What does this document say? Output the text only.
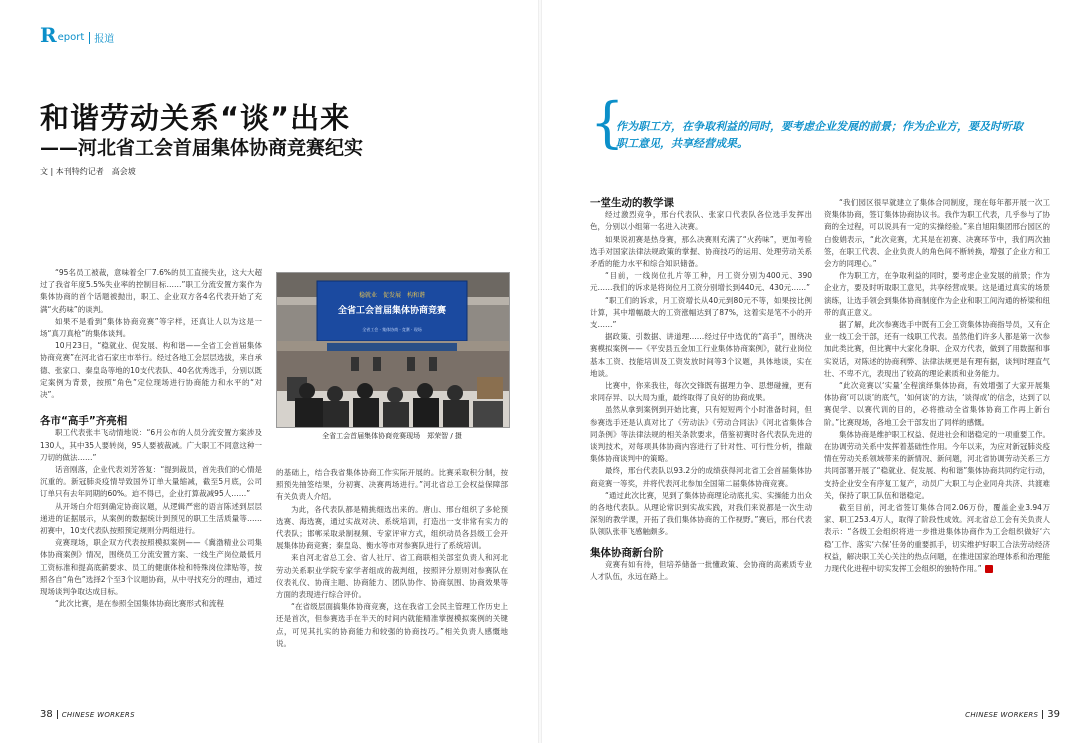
R eport 报道
和谐劳动关系“谈”出来
——河北省工会首届集体协商竞赛纪实
文 | 本刊特约记者　高会坡

“95名员工被裁，意味着全厂7.6%的员工直接失业，这大大超过了我省年度5.5%失业率的控制目标……”职工分流安置方案作为集体协商的首个话题被抛出，职工、企业双方各4名代表开始了充满“火药味”的谈判。

如果不是看到“集体协商竞赛”等字样，还真让人以为这是一场“真刀真枪”的集体谈判。

10月23日，“稳就业、促发展、构和谐——全省工会首届集体协商竞赛”在河北省石家庄市举行。经过各地工会层层选拔，来自承德、张家口、秦皇岛等地的10支代表队、40名优秀选手，分别以既定案例为背景，按照“角色”定位现场进行协商能力和水平的“对决”。

各市“高手”齐亮相

职工代表张丰飞动情地说：“6月公布的人员分流安置方案涉及130人，其中35人要转岗，95人要被裁减。广大职工不同意这种一刀切的做法……”

话音刚落，企业代表刘芳答复：“提到裁员，首先我们的心情是沉重的。新冠肺炎疫情导致国外订单大量缩减，截至5月底，公司订单只有去年同期的60%。迫不得已，企业打算裁减95人……”

从开场白介绍到确定协商议题，从逻辑严密的语言陈述到层层递进的证据展示，从案例的数据统计到预见的职工生活质量等……初赛中，10支代表队按照预定规则分两组进行。

竞赛现场，职企双方代表按照模拟案例——《冀渤精业公司集体协商案例》情况，围绕员工分流安置方案、一线生产岗位最低月工资标准和提高底薪要求、员工的健康体检和特殊岗位津贴等，按照各自“角色”选择2个至3个议题协商，从中寻找充分的理由，通过现场谈判争取达成目标。

“此次比赛，是在参照全国集体协商比赛形式和流程

稳就业　促发展　构和谐
全省工会首届集体协商竞赛
全省工会 · 集体协商 · 竞赛 · 现场
全省工会首届集体协商竞赛现场　郑荣智 / 摄

的基础上，结合我省集体协商工作实际开展的。比赛采取积分制，按照预先抽签结果，分初赛、决赛两场进行。”河北省总工会权益保障部有关负责人介绍。

为此，各代表队都是精挑细选出来的。唐山、邢台组织了多轮预选赛、海选赛，通过实战对决、系统培训，打造出一支非常有实力的代表队；邯郸采取录制视频、专家评审方式，组织动员各县级工会开展集体协商竞赛；秦皇岛、衡水等市对参赛队进行了系统培训。

来自河北省总工会、省人社厅、省工商联相关部室负责人和河北劳动关系职业学院专家学者组成的裁判组，按照评分原则对参赛队在仪表礼仪、协商主题、协商能力、团队协作、协商氛围、协商效果等方面的表现进行综合评价。

“在省级层面搞集体协商竞赛，这在我省工会民主管理工作历史上还是首次，但参赛选手在半天的时间内就能精准掌握模拟案例的关键点，可见其扎实的协商能力和较强的协商技巧。”相关负责人感慨地说。

38 CHINESE WORKERS
{
作为职工方，在争取利益的同时，要考虑企业发展的前景；作为企业方，要及时听取职工意见，共享经营成果。

一堂生动的教学课

经过激烈竞争，邢台代表队、张家口代表队各位选手发挥出色，分别以小组第一名进入决赛。

如果说初赛是热身赛，那么决赛则充满了“火药味”，更加考验选手对国家法律法规政策的掌握、协商技巧的运用、处理劳动关系矛盾的能力水平和综合知识储备。

“目前，一线岗位扎片等工种，月工资分别为400元、390元……我们的诉求是将岗位月工资分别增长到440元、430元……”

“职工们的诉求，月工资增长从40元到80元不等，如果按比例计算，其中增幅最大的工资涨幅达到了87%，这着实是笔不小的开支……”

据政策、引数据、讲道理……经过仔中选优的“高手”，围绕决赛模拟案例——《平安县五金加工行业集体协商案例》，就行业岗位基本工资、技能培训及工资发放时间等3个议题，具体地谈，实在地谈。

比赛中，你来我往，每次交锋既有据理力争、思想碰撞，更有求同存异、以大局为重，最终取得了良好的协商成果。

虽然从拿到案例到开始比赛，只有短短两个小时准备时间，但参赛选手还是认真对比了《劳动法》《劳动合同法》《河北省集体合同条例》等法律法规的相关条款要求，借鉴初赛时各代表队先进的谈判技术，对每项具体协商内容进行了针对性、可行性分析，推敲集体协商谈判中的策略。

最终，邢台代表队以93.2分的成绩获得河北省工会首届集体协商竞赛一等奖，并将代表河北参加全国第二届集体协商竞赛。

“通过此次比赛，见到了集体协商理论动底扎实、实操能力出众的各地代表队。从理论常识到实战实践，对我们来说都是一次生动深刻的教学课，开拓了我们集体协商的工作视野。”赛后，邢台代表队领队张菲飞感触颇多。

集体协商新台阶

竞赛有如有待，但培养储备一批懂政策、会协商的高素质专业人才队伍，永远在路上。

“我们园区很早就建立了集体合同制度，现在每年都开展一次工资集体协商，签订集体协商协议书。我作为职工代表，几乎参与了协商的全过程，可以说具有一定的实操经验。”来自旭阳集团邢台园区的白俊娟表示，“此次竞赛，尤其是在初赛、决赛环节中，我们两次抽签，在职工代表、企业负责人的角色间不断转换，增强了企业方和工会方的同理心。”

作为职工方，在争取利益的同时，要考虑企业发展的前景；作为企业方，要及时听取职工意见，共享经营成果。这是通过真实的场景演练，让选手领会到集体协商制度作为企业和职工间沟通的桥梁和纽带的真正意义。

据了解，此次参赛选手中既有工会工资集体协商指导员，又有企业一线工会干部，还有一线职工代表。虽然他们许多人都是第一次参加此类比赛，但比赛中大家化身职、企双方代表，做到了用数据和事实说话，对陈述的协商利弊、法律法规更是有理有据，谈判时理直气壮、不卑不亢，表现出了较高的理论素质和业务能力。

“此次竞赛以‘实量’全程演绎集体协商，有效增强了大家开展集体协商‘可以谈’的底气，‘如何谈’的方法，‘谈得成’的信念，达到了以赛促学、以赛代训的目的，必将推动全省集体协商工作再上新台阶。”比赛现场，各地工会干部发出了同样的感慨。

集体协商是维护职工权益、促进社会和谐稳定的一项重要工作。在协调劳动关系中发挥着基础性作用。今年以来，为应对新冠肺炎疫情在劳动关系领域带来的新情况、新问题，河北省协调劳动关系三方共同部署开展了“稳就业、促发展、构和谐”集体协商共同约定行动，支持企业安全有序复工复产，动员广大职工与企业同舟共济、共渡难关，保持了职工队伍和谐稳定。

截至目前，河北省签订集体合同2.06万份，覆盖企业3.94万家、职工253.4万人，取得了阶段性成效。河北省总工会有关负责人表示：“各级工会组织将进一步推进集体协商作为工会组织做好‘六稳’工作、落实‘六保’任务的重要抓手，切实维护好职工合法劳动经济权益，解决职工关心关注的热点问题，在推进国家治理体系和治理能力现代化进程中切实发挥工会组织的独特作用。”

CHINESE WORKERS 39
